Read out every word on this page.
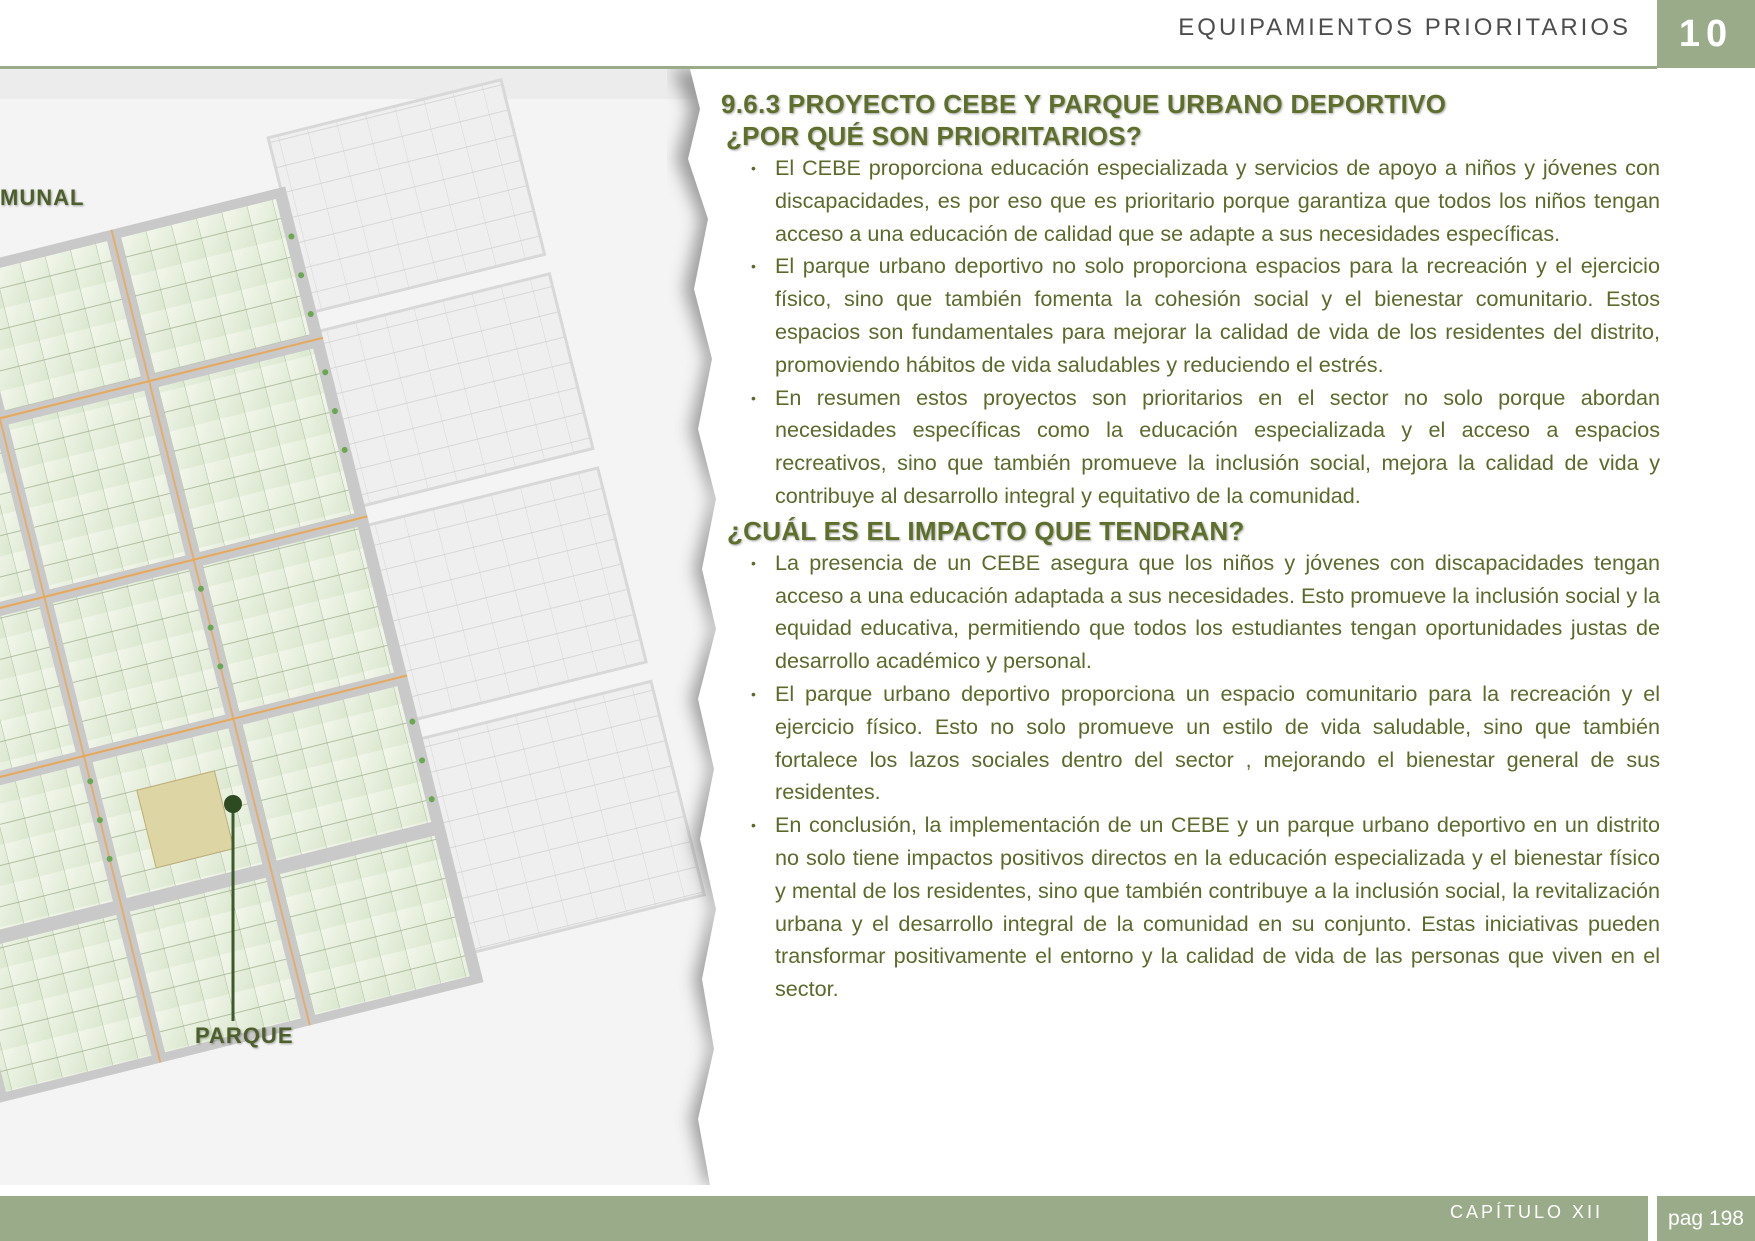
EQUIPAMIENTOS PRIORITARIOS	10
MUNAL
PARQUE
9.6.3 PROYECTO CEBE Y PARQUE URBANO DEPORTIVO
¿POR QUÉ SON PRIORITARIOS?
• El CEBE proporciona educación especializada y servicios de apoyo a niños y jóvenes con discapacidades, es por eso que es prioritario porque garantiza que todos los niños tengan acceso a una educación de calidad que se adapte a sus necesidades específicas.
• El parque urbano deportivo no solo proporciona espacios para la recreación y el ejercicio físico, sino que también fomenta la cohesión social y el bienestar comunitario. Estos espacios son fundamentales para mejorar la calidad de vida de los residentes del distrito, promoviendo hábitos de vida saludables y reduciendo el estrés.
• En resumen estos proyectos son prioritarios en el sector no solo porque abordan necesidades específicas como la educación especializada y el acceso a espacios recreativos, sino que también promueve la inclusión social, mejora la calidad de vida y contribuye al desarrollo integral y equitativo de la comunidad.
¿CUÁL ES EL IMPACTO QUE TENDRAN?
• La presencia de un CEBE asegura que los niños y jóvenes con discapacidades tengan acceso a una educación adaptada a sus necesidades. Esto promueve la inclusión social y la equidad educativa, permitiendo que todos los estudiantes tengan oportunidades justas de desarrollo académico y personal.
• El parque urbano deportivo proporciona un espacio comunitario para la recreación y el ejercicio físico. Esto no solo promueve un estilo de vida saludable, sino que también fortalece los lazos sociales dentro del sector , mejorando el bienestar general de sus residentes.
• En conclusión, la implementación de un CEBE y un parque urbano deportivo en un distrito no solo tiene impactos positivos directos en la educación especializada y el bienestar físico y mental de los residentes, sino que también contribuye a la inclusión social, la revitalización urbana y el desarrollo integral de la comunidad en su conjunto. Estas iniciativas pueden transformar positivamente el entorno y la calidad de vida de las personas que viven en el sector.
CAPÍTULO XII	pag 198
